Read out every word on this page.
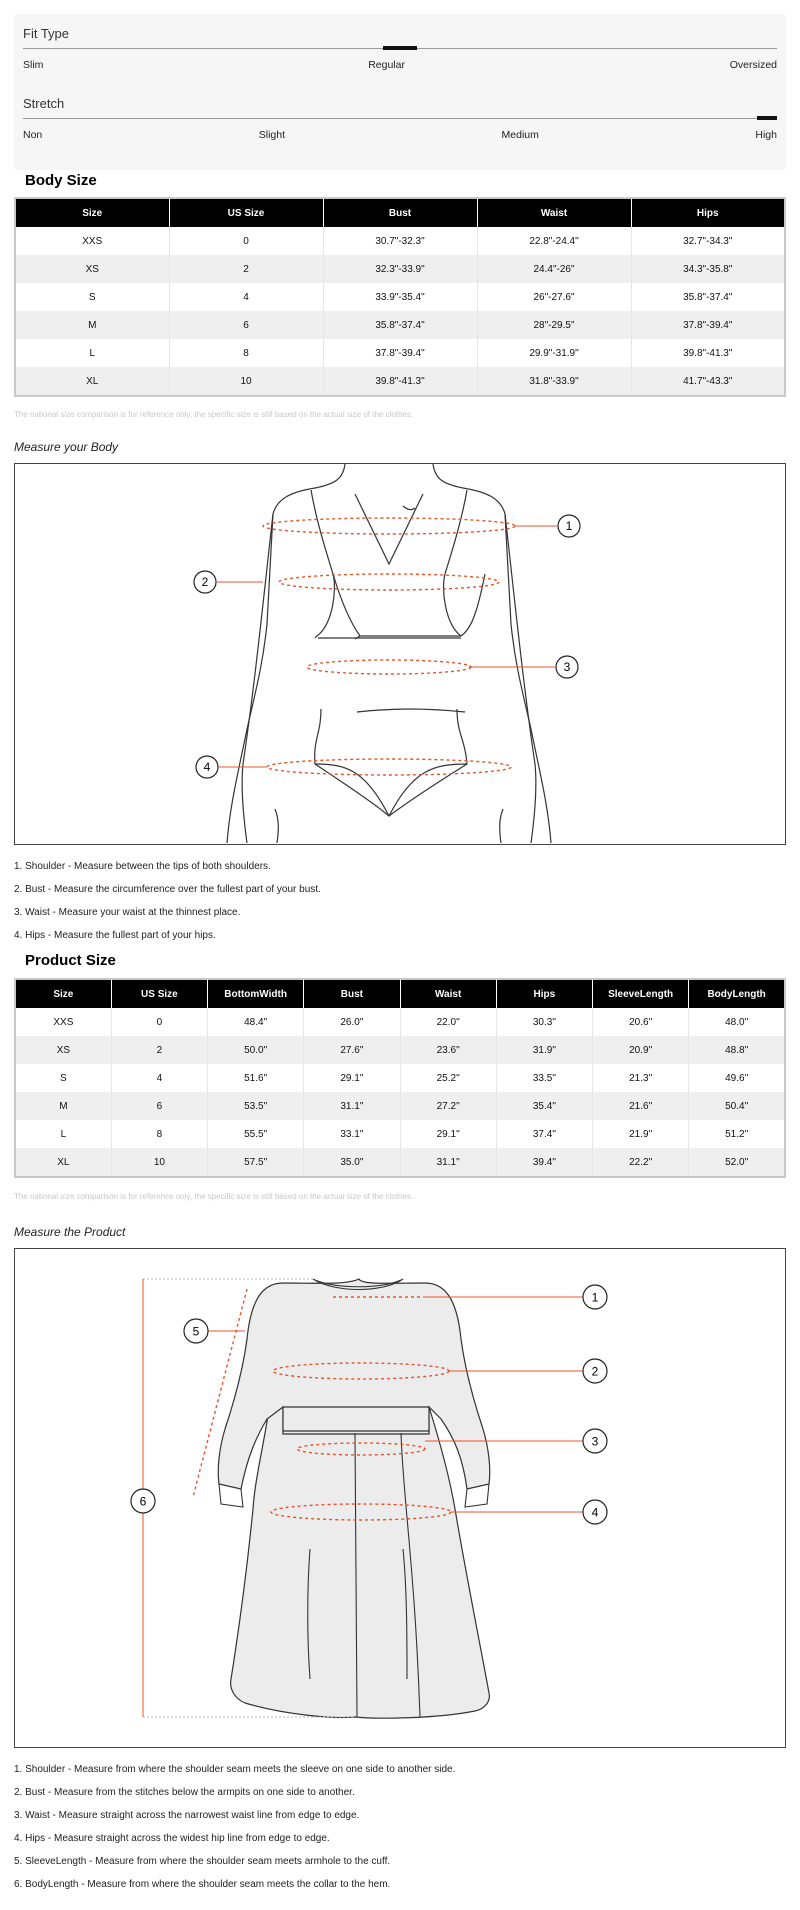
Fit Type
Slim	Regular	Oversized
Stretch
Non	Slight	Medium	High
Body Size
Size	US Size	Bust	Waist	Hips
XXS	0	30.7"-32.3"	22.8"-24.4"	32.7"-34.3"
XS	2	32.3"-33.9"	24.4"-26"	34.3"-35.8"
S	4	33.9"-35.4"	26"-27.6"	35.8"-37.4"
M	6	35.8"-37.4"	28"-29.5"	37.8"-39.4"
L	8	37.8"-39.4"	29.9"-31.9"	39.8"-41.3"
XL	10	39.8"-41.3"	31.8"-33.9"	41.7"-43.3"
The national size comparison is for reference only, the specific size is still based on the actual size of the clothes.
Measure your Body
1
2
3
4
1. Shoulder - Measure between the tips of both shoulders.
2. Bust - Measure the circumference over the fullest part of your bust.
3. Waist - Measure your waist at the thinnest place.
4. Hips - Measure the fullest part of your hips.
Product Size
Size	US Size	BottomWidth	Bust	Waist	Hips	SleeveLength	BodyLength
XXS	0	48.4"	26.0"	22.0"	30.3"	20.6"	48.0"
XS	2	50.0"	27.6"	23.6"	31.9"	20.9"	48.8"
S	4	51.6"	29.1"	25.2"	33.5"	21.3"	49.6"
M	6	53.5"	31.1"	27.2"	35.4"	21.6"	50.4"
L	8	55.5"	33.1"	29.1"	37.4"	21.9"	51.2"
XL	10	57.5"	35.0"	31.1"	39.4"	22.2"	52.0"
The national size comparison is for reference only, the specific size is still based on the actual size of the clothes.
Measure the Product
1
2
3
4
5
6
1. Shoulder - Measure from where the shoulder seam meets the sleeve on one side to another side.
2. Bust - Measure from the stitches below the armpits on one side to another.
3. Waist - Measure straight across the narrowest waist line from edge to edge.
4. Hips - Measure straight across the widest hip line from edge to edge.
5. SleeveLength - Measure from where the shoulder seam meets armhole to the cuff.
6. BodyLength - Measure from where the shoulder seam meets the collar to the hem.
